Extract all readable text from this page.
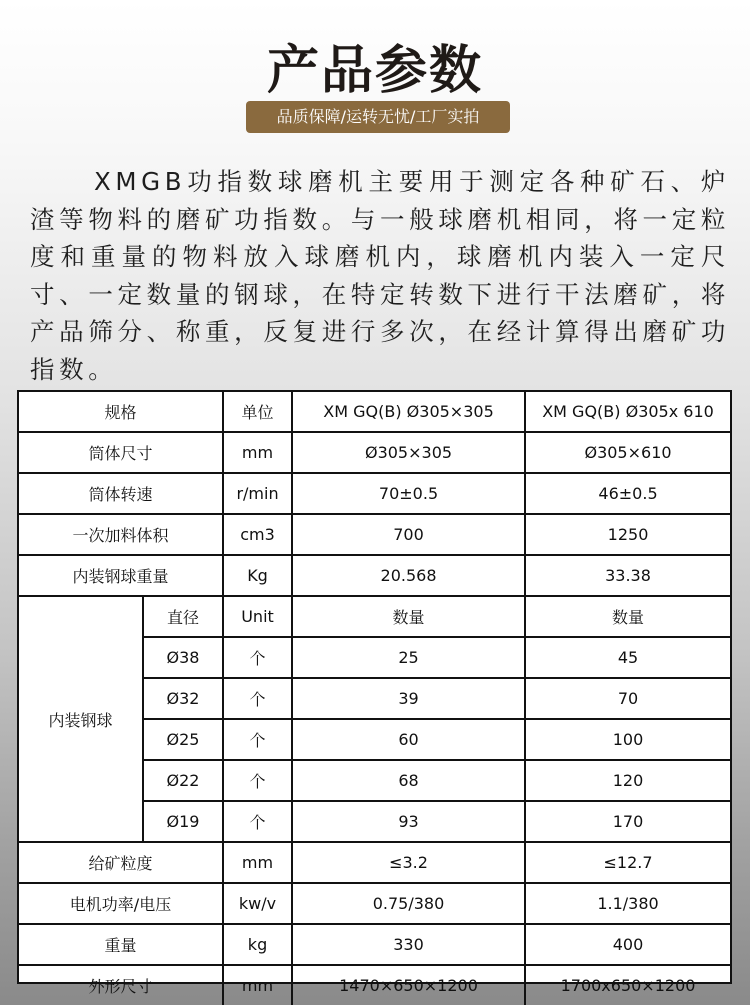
产品参数
品质保障/运转无忧/工厂实拍
XMGB功指数球磨机主要用于测定各种矿石、炉渣等物料的磨矿功指数。与一般球磨机相同，将一定粒度和重量的物料放入球磨机内，球磨机内装入一定尺寸、一定数量的钢球，在特定转数下进行干法磨矿，将产品筛分、称重，反复进行多次，在经计算得出磨矿功指数。
规格		单位	XM GQ(B) Ø305×305	XM GQ(B) Ø305x 610
筒体尺寸		mm	Ø305×305	Ø305×610
筒体转速		r/min	70±0.5	46±0.5
一次加料体积		cm3	700	1250
内装钢球重量		Kg	20.568	33.38
内装钢球	直径	Unit	数量	数量
	Ø38	个	25	45
	Ø32	个	39	70
	Ø25	个	60	100
	Ø22	个	68	120
	Ø19	个	93	170
给矿粒度		mm	≤3.2	≤12.7
电机功率/电压		kw/v	0.75/380	1.1/380
重量		kg	330	400
外形尺寸		mm	1470×650×1200	1700x650×1200
